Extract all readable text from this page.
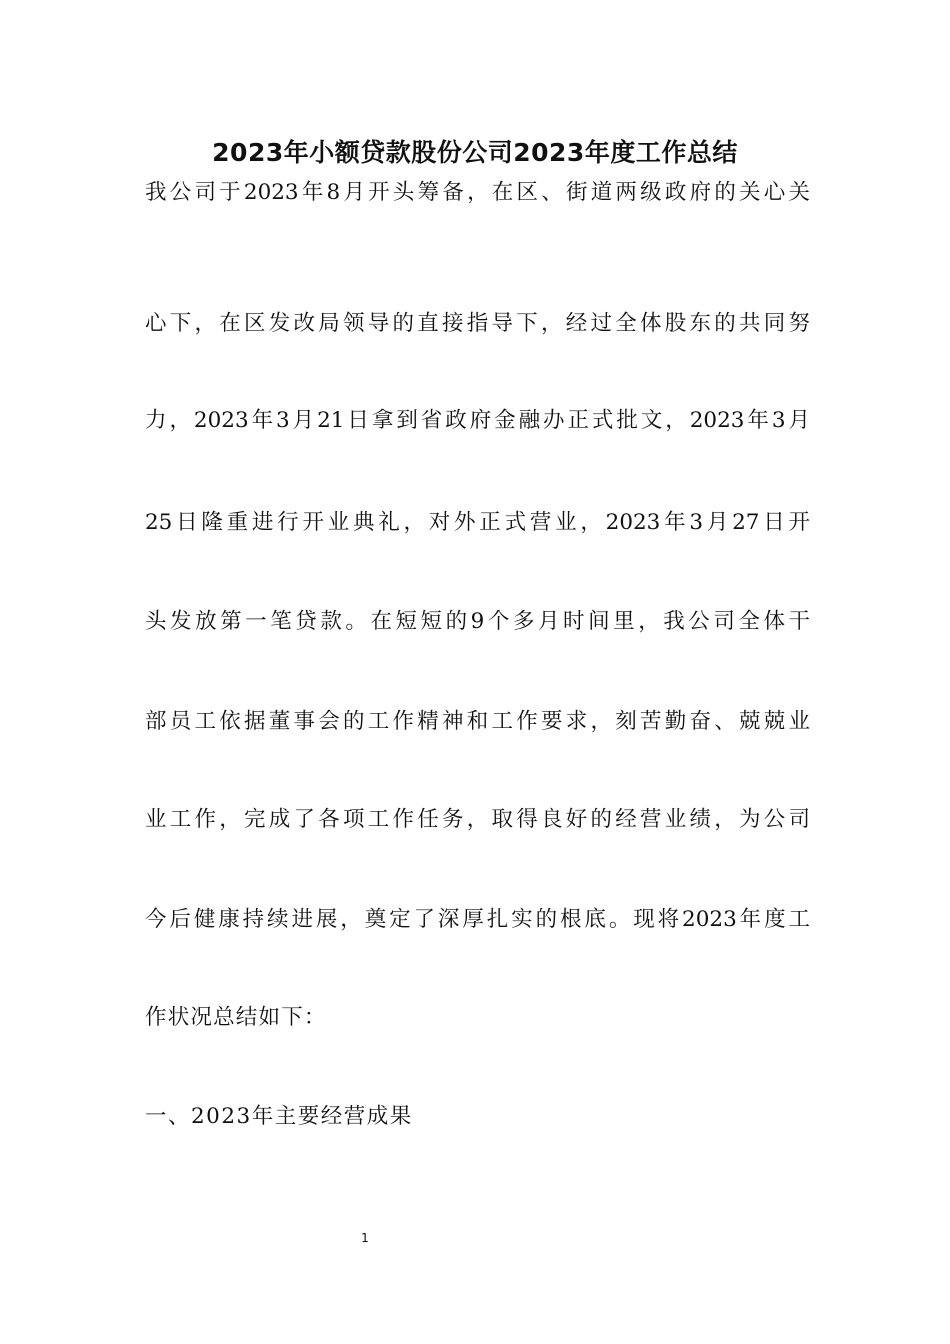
2023年小额贷款股份公司2023年度工作总结
我公司于2023年8月开头筹备，在区、街道两级政府的关心关
心下，在区发改局领导的直接指导下，经过全体股东的共同努
力，2023年3月21日拿到省政府金融办正式批文，2023年3月
25日隆重进行开业典礼，对外正式营业，2023年3月27日开
头发放第一笔贷款。在短短的9个多月时间里，我公司全体干
部员工依据董事会的工作精神和工作要求，刻苦勤奋、兢兢业
业工作，完成了各项工作任务，取得良好的经营业绩，为公司
今后健康持续进展，奠定了深厚扎实的根底。现将2023年度工
作状况总结如下：
一、2023年主要经营成果
1
